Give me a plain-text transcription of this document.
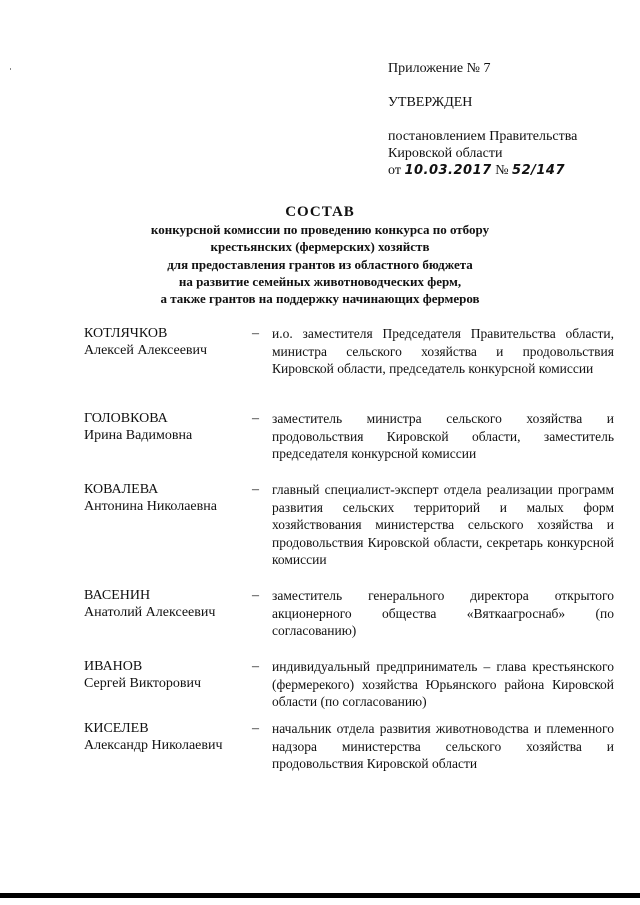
Приложение № 7
УТВЕРЖДЕН
постановлением Правительства
Кировской области
от 10.03.2017 № 52/147
СОСТАВ
конкурсной комиссии по проведению конкурса по отбору
крестьянских (фермерских) хозяйств
для предоставления грантов из областного бюджета
на развитие семейных животноводческих ферм,
а также грантов на поддержку начинающих фермеров
КОТЛЯЧКОВ
Алексей Алексеевич
– и.о. заместителя Председателя Правительства области, министра сельского хозяйства и продовольствия Кировской области, председатель конкурсной комиссии
ГОЛОВКОВА
Ирина Вадимовна
– заместитель министра сельского хозяйства и продовольствия Кировской области, заместитель председателя конкурсной комиссии
КОВАЛЕВА
Антонина Николаевна
– главный специалист-эксперт отдела реализации программ развития сельских территорий и малых форм хозяйствования министерства сельского хозяйства и продовольствия Кировской области, секретарь конкурсной комиссии
ВАСЕНИН
Анатолий Алексеевич
– заместитель генерального директора открытого акционерного общества «Вяткаагроснаб» (по согласованию)
ИВАНОВ
Сергей Викторович
– индивидуальный предприниматель – глава крестьянского (фермерекого) хозяйства Юрьянского района Кировской области (по согласованию)
КИСЕЛЕВ
Александр Николаевич
– начальник отдела развития животноводства и племенного надзора министерства сельского хозяйства и продовольствия Кировской области
